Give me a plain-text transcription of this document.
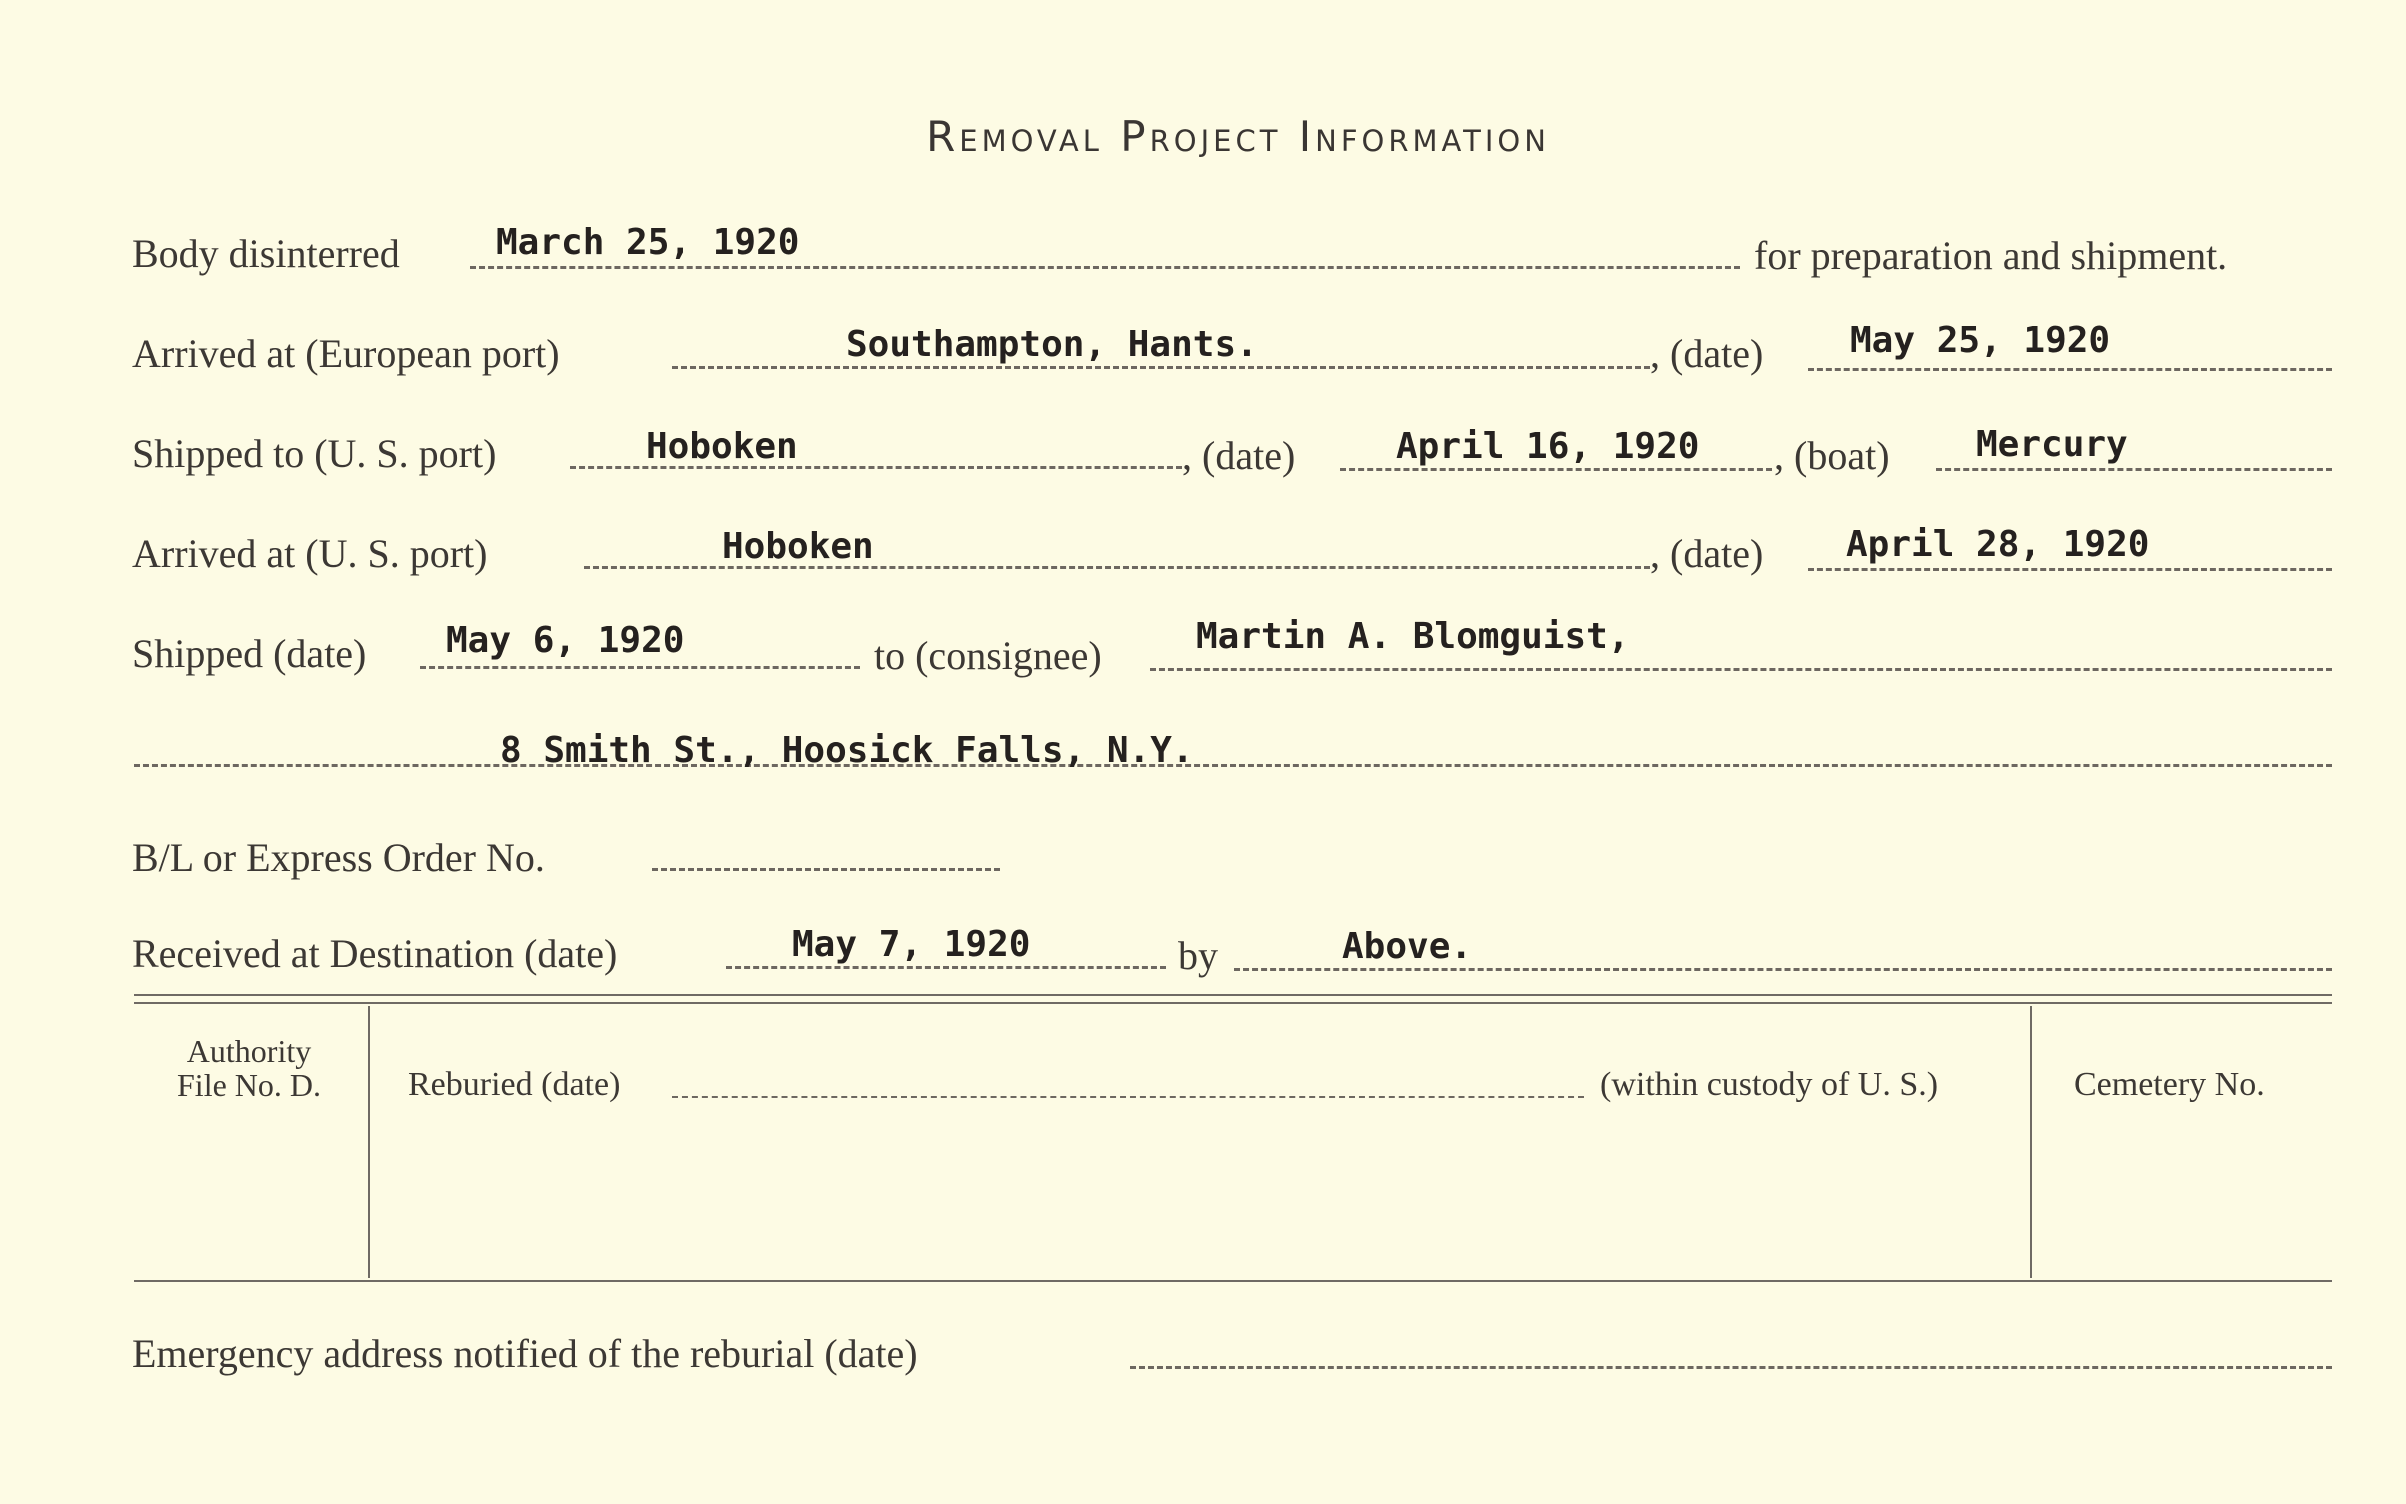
Removal Project Information
Body disinterred	March 25, 1920	for preparation and shipment.
Arrived at (European port)	Southampton, Hants.	, (date) May 25, 1920
Shipped to (U. S. port)	Hoboken	, (date)	April 16, 1920 , (boat) Mercury
Arrived at (U. S. port)	Hoboken	, (date) April 28, 1920
Shipped (date) May 6, 1920	to (consignee)	Martin A. Blomguist,
8 Smith St., Hoosick Falls, N.Y.
B/L or Express Order No.
Received at Destination (date)	May 7, 1920	by	Above.
Authority
File No. D.	Reburied (date)	(within custody of U. S.)	Cemetery No.
Emergency address notified of the reburial (date)
